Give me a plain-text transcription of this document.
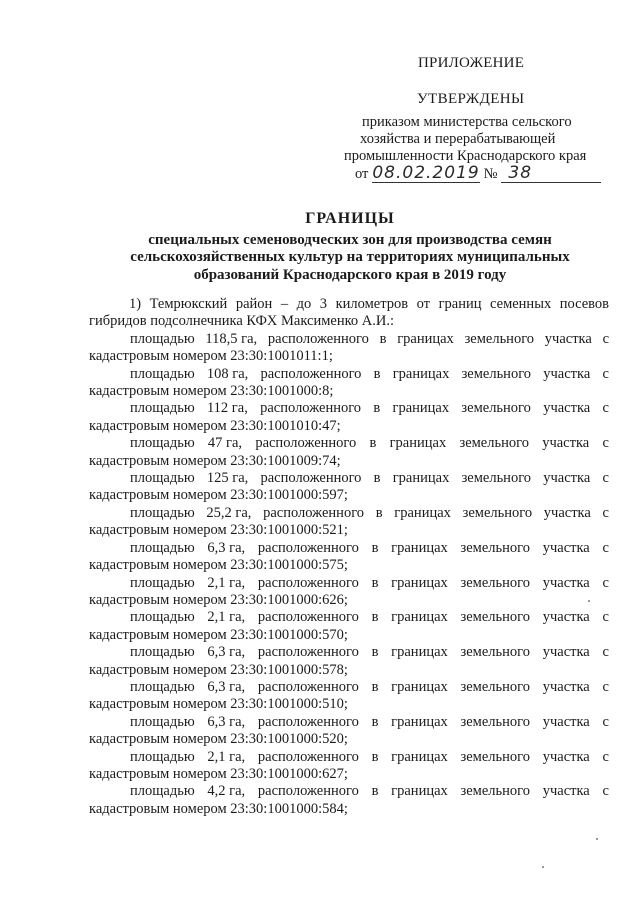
ПРИЛОЖЕНИЕ
УТВЕРЖДЕНЫ
приказом министерства сельского
хозяйства и перерабатывающей
промышленности Краснодарского края
от 08.02.2019 № 38
ГРАНИЦЫ
специальных семеноводческих зон для производства семян
сельскохозяйственных культур на территориях муниципальных
образований Краснодарского края в 2019 году

1) Темрюкский район – до 3 километров от границ семенных посевов гибридов подсолнечника КФХ Максименко А.И.:

площадью 118,5 га, расположенного в границах земельного участка с
кадастровым номером 23:30:1001011:1;
площадью 108 га, расположенного в границах земельного участка с
кадастровым номером 23:30:1001000:8;
площадью 112 га, расположенного в границах земельного участка с
кадастровым номером 23:30:1001010:47;
площадью 47 га, расположенного в границах земельного участка с
кадастровым номером 23:30:1001009:74;
площадью 125 га, расположенного в границах земельного участка с
кадастровым номером 23:30:1001000:597;
площадью 25,2 га, расположенного в границах земельного участка с
кадастровым номером 23:30:1001000:521;
площадью 6,3 га, расположенного в границах земельного участка с
кадастровым номером 23:30:1001000:575;
площадью 2,1 га, расположенного в границах земельного участка с
кадастровым номером 23:30:1001000:626;
площадью 2,1 га, расположенного в границах земельного участка с
кадастровым номером 23:30:1001000:570;
площадью 6,3 га, расположенного в границах земельного участка с
кадастровым номером 23:30:1001000:578;
площадью 6,3 га, расположенного в границах земельного участка с
кадастровым номером 23:30:1001000:510;
площадью 6,3 га, расположенного в границах земельного участка с
кадастровым номером 23:30:1001000:520;
площадью 2,1 га, расположенного в границах земельного участка с
кадастровым номером 23:30:1001000:627;
площадью 4,2 га, расположенного в границах земельного участка с
кадастровым номером 23:30:1001000:584;
